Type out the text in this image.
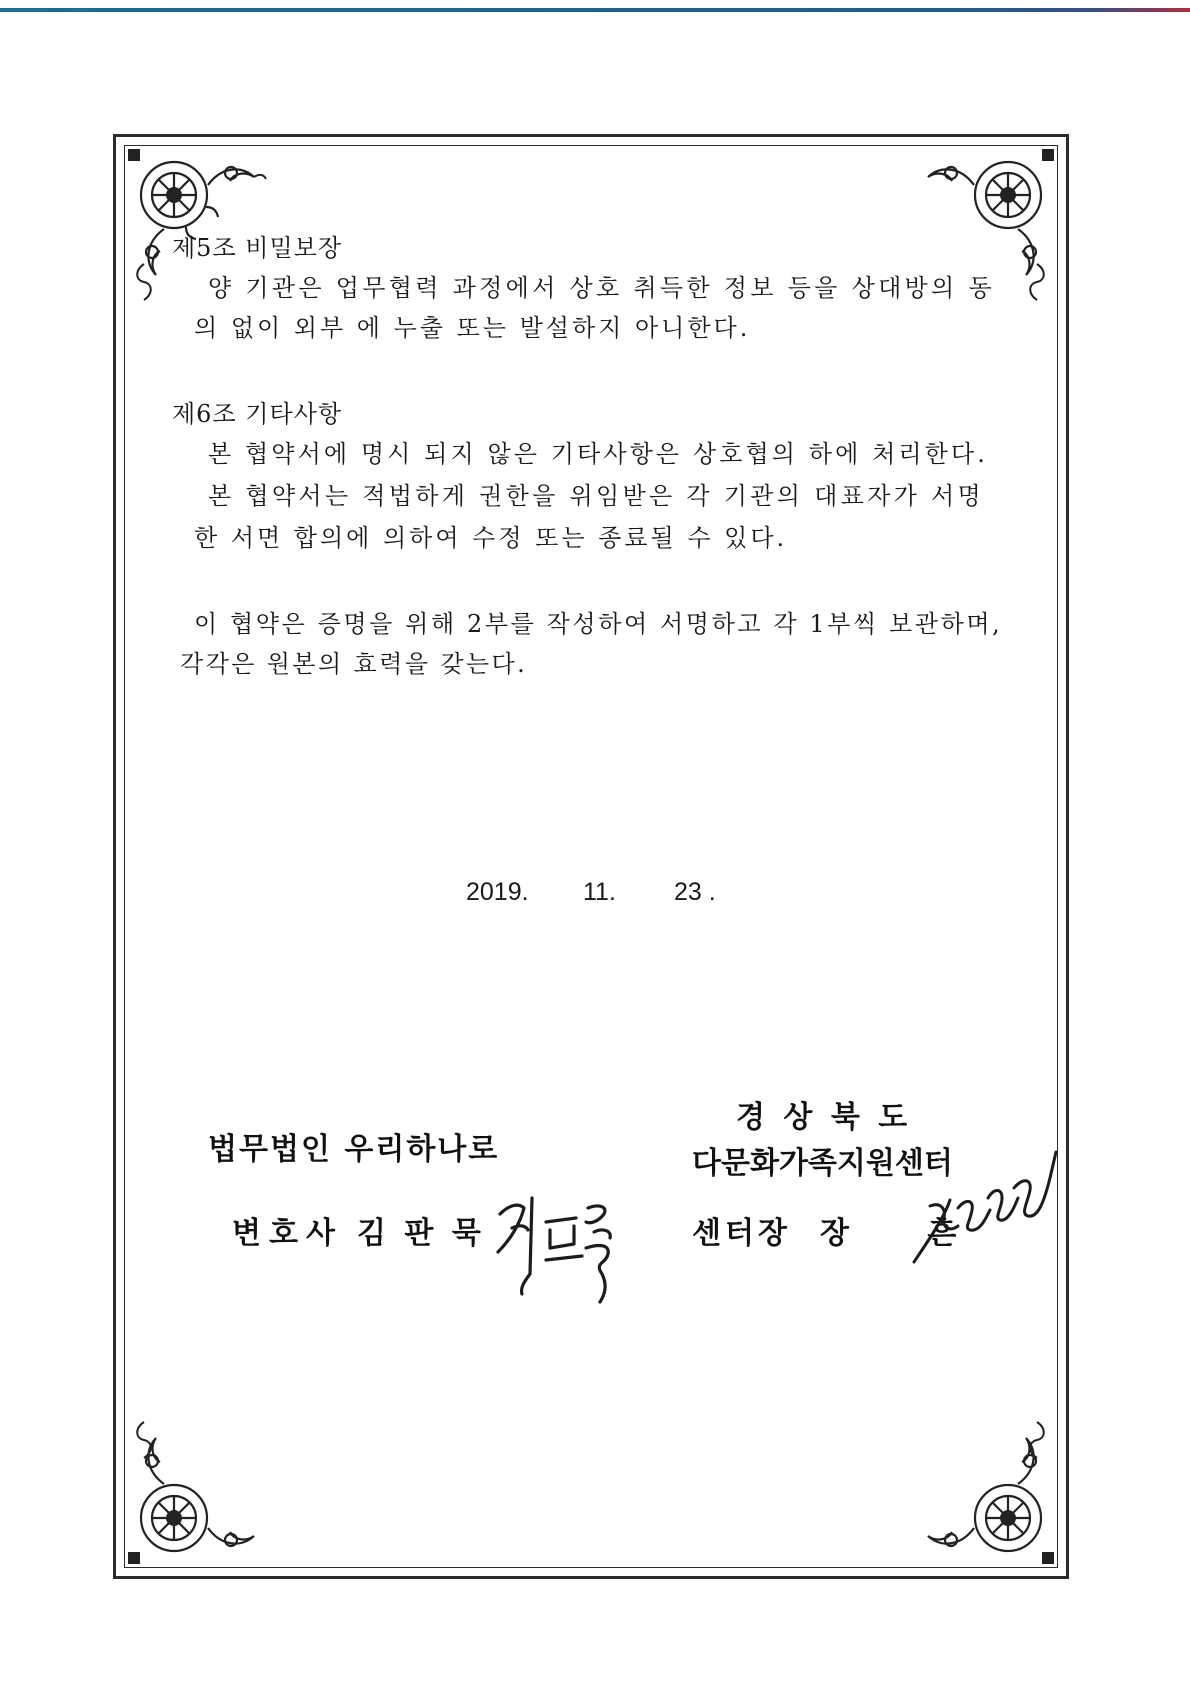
제5조 비밀보장
양 기관은 업무협력 과정에서 상호 취득한 정보 등을 상대방의 동
의 없이 외부 에 누출 또는 발설하지 아니한다.
제6조 기타사항
본 협약서에 명시 되지 않은 기타사항은 상호협의 하에 처리한다.
본 협약서는 적법하게 권한을 위임받은 각 기관의 대표자가 서명
한 서면 합의에 의하여 수정 또는 종료될 수 있다.
이 협약은 증명을 위해 2부를 작성하여 서명하고 각 1부씩 보관하며,
각각은 원본의 효력을 갖는다.
2019. 11. 23 .
법무법인 우리하나로
변호사 김 판 묵
경 상 북 도
다문화가족지원센터
센터장 장 흔
